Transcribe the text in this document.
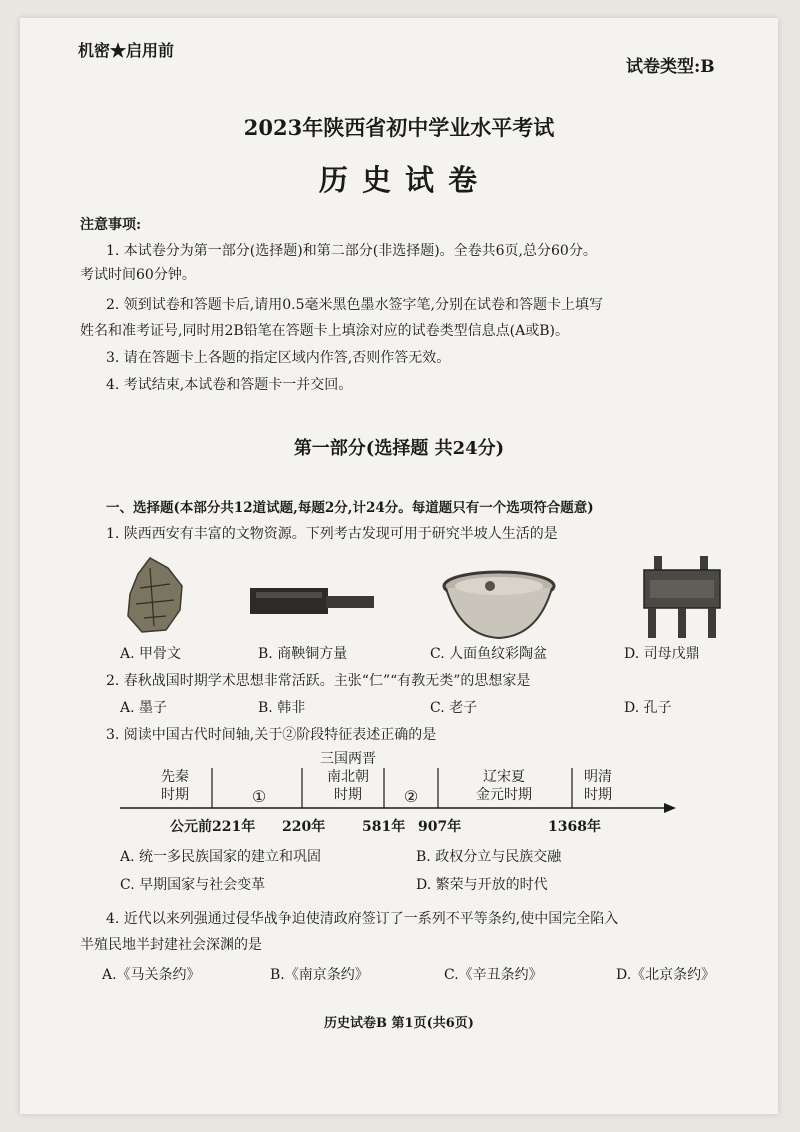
机密★启用前
试卷类型:B
2023年陕西省初中学业水平考试
历 史 试 卷
注意事项:
1. 本试卷分为第一部分(选择题)和第二部分(非选择题)。全卷共6页,总分60分。
考试时间60分钟。
2. 领到试卷和答题卡后,请用0.5毫米黑色墨水签字笔,分别在试卷和答题卡上填写
姓名和准考证号,同时用2B铅笔在答题卡上填涂对应的试卷类型信息点(A或B)。
3. 请在答题卡上各题的指定区域内作答,否则作答无效。
4. 考试结束,本试卷和答题卡一并交回。
第一部分(选择题 共24分)
一、选择题(本部分共12道试题,每题2分,计24分。每道题只有一个选项符合题意)
1. 陕西西安有丰富的文物资源。下列考古发现可用于研究半坡人生活的是
A. 甲骨文	B. 商鞅铜方量	C. 人面鱼纹彩陶盆	D. 司母戊鼎
2. 春秋战国时期学术思想非常活跃。主张“仁”“有教无类”的思想家是
A. 墨子	B. 韩非	C. 老子	D. 孔子
3. 阅读中国古代时间轴,关于②阶段特征表述正确的是
先秦
时期	①
三国两晋
南北朝
时期	②
辽宋夏
金元时期
明清
时期
公元前221年 220年	581年 907年	1368年
A. 统一多民族国家的建立和巩固	B. 政权分立与民族交融
C. 早期国家与社会变革	D. 繁荣与开放的时代
4. 近代以来列强通过侵华战争迫使清政府签订了一系列不平等条约,使中国完全陷入
半殖民地半封建社会深渊的是
A.《马关条约》	B.《南京条约》	C.《辛丑条约》	D.《北京条约》
历史试卷B 第1页(共6页)
